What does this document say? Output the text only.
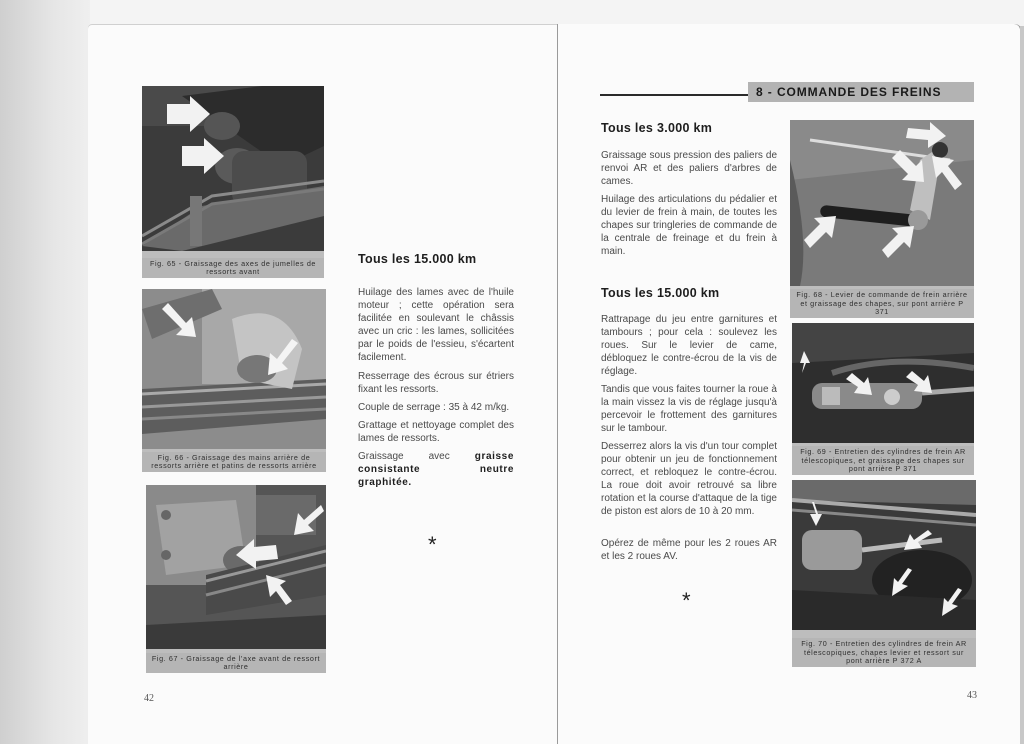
Fig. 65 - Graissage des axes de jumelles de ressorts avant
Fig. 66 - Graissage des mains arrière de ressorts arrière et patins de ressorts arrière
Fig. 67 - Graissage de l'axe avant de ressort arrière
Tous les 15.000 km

Huilage des lames avec de l'huile moteur ; cette opération sera facilitée en soulevant le châssis avec un cric : les lames, sollicitées par le poids de l'essieu, s'écartent facilement.

Resserrage des écrous sur étriers fixant les ressorts.

Couple de serrage : 35 à 42 m/kg.

Grattage et nettoyage complet des lames de ressorts.

Graissage avec graisse consistante neutre graphitée.

*
42
8 - COMMANDE DES FREINS
Tous les 3.000 km

Graissage sous pression des paliers de renvoi AR et des paliers d'arbres de cames.

Huilage des articulations du pédalier et du levier de frein à main, de toutes les chapes sur tringleries de commande de la centrale de freinage et du frein à main.

Tous les 15.000 km

Rattrapage du jeu entre garnitures et tambours ; pour cela : soulevez les roues. Sur le levier de came, débloquez le contre-écrou de la vis de réglage.

Tandis que vous faites tourner la roue à la main vissez la vis de réglage jusqu'à percevoir le frottement des garnitures sur le tambour.

Desserrez alors la vis d'un tour complet pour obtenir un jeu de fonctionnement correct, et rebloquez le contre-écrou. La roue doit avoir retrouvé sa libre rotation et la course d'attaque de la tige de piston est alors de 10 à 20 mm.

Opérez de même pour les 2 roues AR et les 2 roues AV.

*
Fig. 68 - Levier de commande de frein arrière et graissage des chapes, sur pont arrière P 371
Fig. 69 - Entretien des cylindres de frein AR télescopiques, et graissage des chapes sur pont arrière P 371
Fig. 70 - Entretien des cylindres de frein AR télescopiques, chapes levier et ressort sur pont arrière P 372 A
43
